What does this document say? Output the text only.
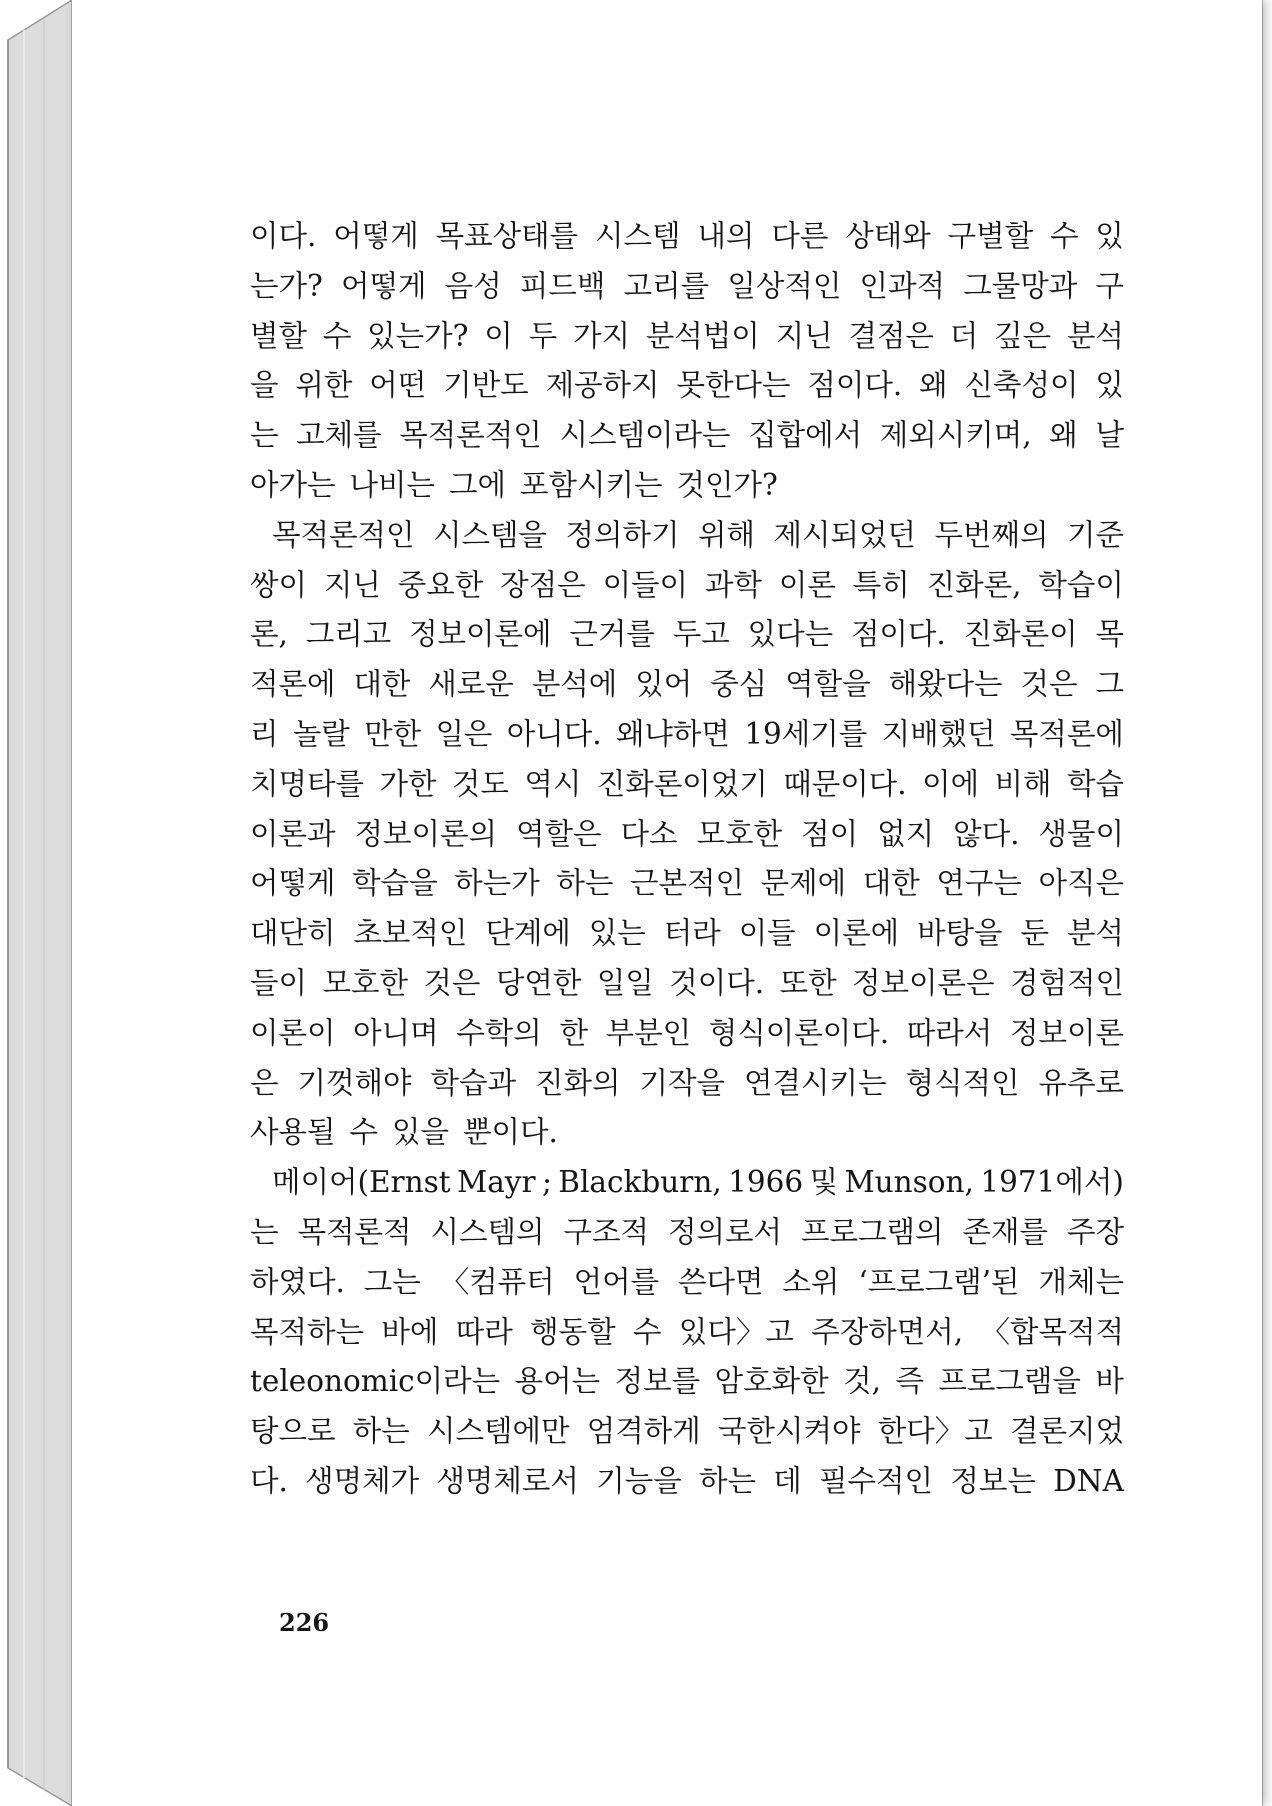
이다. 어떻게 목표상태를 시스템 내의 다른 상태와 구별할 수 있
는가? 어떻게 음성 피드백 고리를 일상적인 인과적 그물망과 구
별할 수 있는가? 이 두 가지 분석법이 지닌 결점은 더 깊은 분석
을 위한 어떤 기반도 제공하지 못한다는 점이다. 왜 신축성이 있
는 고체를 목적론적인 시스템이라는 집합에서 제외시키며, 왜 날
아가는 나비는 그에 포함시키는 것인가?
목적론적인 시스템을 정의하기 위해 제시되었던 두번째의 기준
쌍이 지닌 중요한 장점은 이들이 과학 이론 특히 진화론, 학습이
론, 그리고 정보이론에 근거를 두고 있다는 점이다. 진화론이 목
적론에 대한 새로운 분석에 있어 중심 역할을 해왔다는 것은 그
리 놀랄 만한 일은 아니다. 왜냐하면 19세기를 지배했던 목적론에
치명타를 가한 것도 역시 진화론이었기 때문이다. 이에 비해 학습
이론과 정보이론의 역할은 다소 모호한 점이 없지 않다. 생물이
어떻게 학습을 하는가 하는 근본적인 문제에 대한 연구는 아직은
대단히 초보적인 단계에 있는 터라 이들 이론에 바탕을 둔 분석
들이 모호한 것은 당연한 일일 것이다. 또한 정보이론은 경험적인
이론이 아니며 수학의 한 부분인 형식이론이다. 따라서 정보이론
은 기껏해야 학습과 진화의 기작을 연결시키는 형식적인 유추로
사용될 수 있을 뿐이다.
메이어(Ernst Mayr ; Blackburn, 1966 및 Munson, 1971에서)
는 목적론적 시스템의 구조적 정의로서 프로그램의 존재를 주장
하였다. 그는 〈컴퓨터 언어를 쓴다면 소위 ‘프로그램’된 개체는
목적하는 바에 따라 행동할 수 있다〉고 주장하면서, 〈합목적적
teleonomic이라는 용어는 정보를 암호화한 것, 즉 프로그램을 바
탕으로 하는 시스템에만 엄격하게 국한시켜야 한다〉고 결론지었
다. 생명체가 생명체로서 기능을 하는 데 필수적인 정보는 DNA
226
